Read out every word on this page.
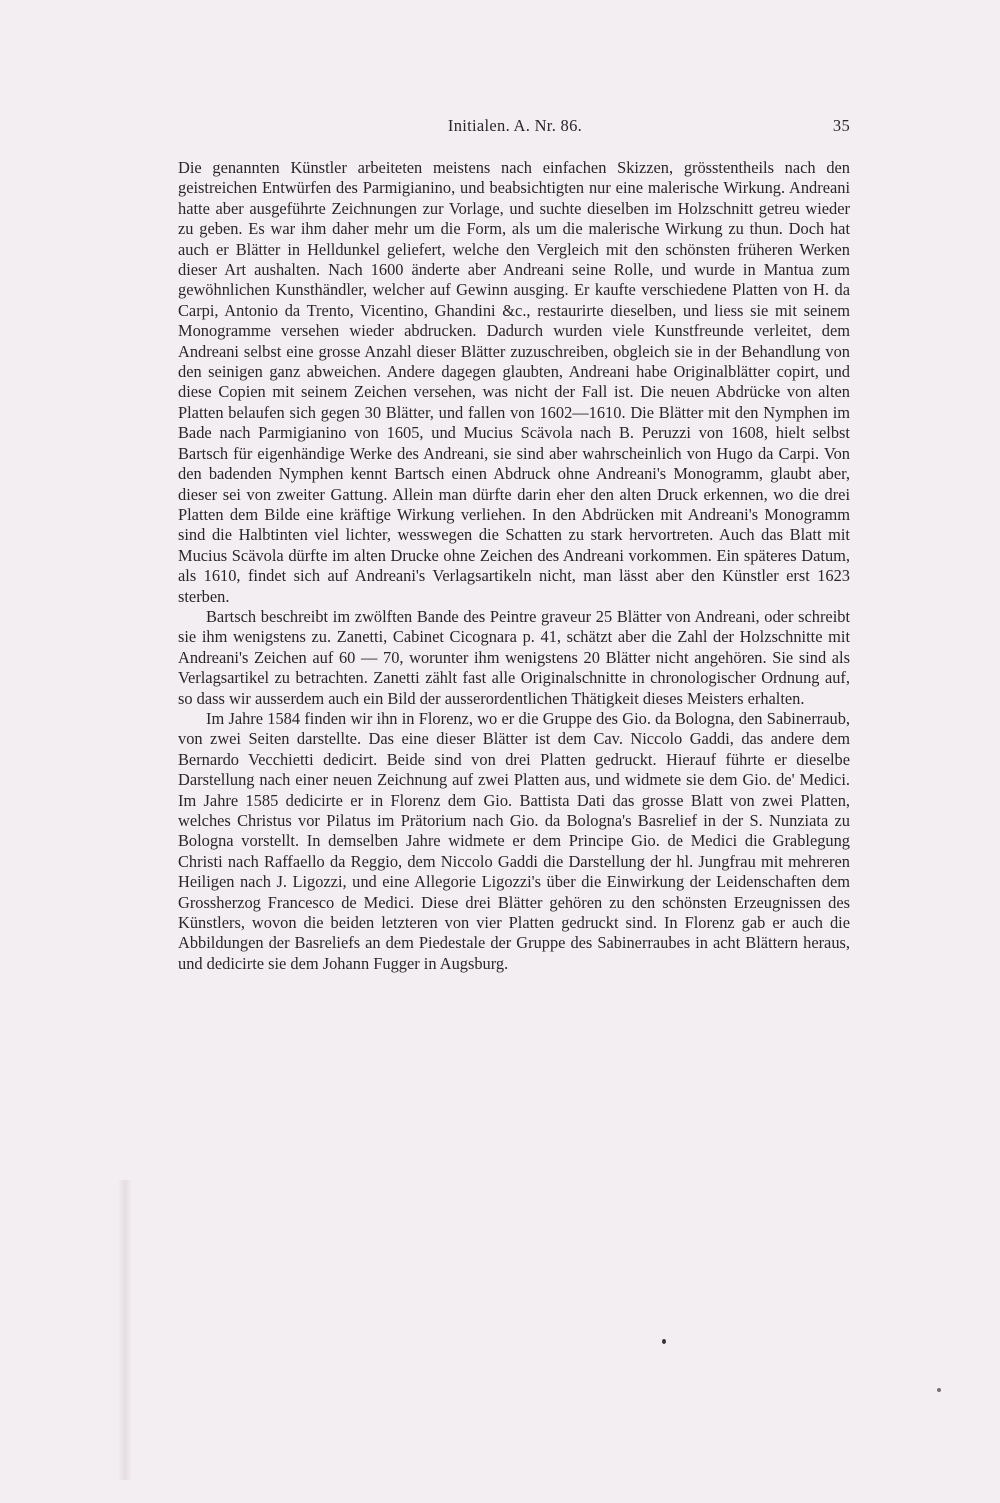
Initialen. A. Nr. 86.	35

Die genannten Künstler arbeiteten meistens nach einfachen Skizzen, grösstentheils nach den geistreichen Entwürfen des Parmigianino, und beabsichtigten nur eine malerische Wirkung. Andreani hatte aber ausgeführte Zeichnungen zur Vorlage, und suchte dieselben im Holzschnitt getreu wieder zu geben. Es war ihm daher mehr um die Form, als um die malerische Wirkung zu thun. Doch hat auch er Blätter in Helldunkel geliefert, welche den Vergleich mit den schönsten früheren Werken dieser Art aushalten. Nach 1600 änderte aber Andreani seine Rolle, und wurde in Mantua zum gewöhnlichen Kunsthändler, welcher auf Gewinn ausging. Er kaufte verschiedene Platten von H. da Carpi, Antonio da Trento, Vicentino, Ghandini &c., restaurirte dieselben, und liess sie mit seinem Monogramme versehen wieder abdrucken. Dadurch wurden viele Kunstfreunde verleitet, dem Andreani selbst eine grosse Anzahl dieser Blätter zuzuschreiben, obgleich sie in der Behandlung von den seinigen ganz abweichen. Andere dagegen glaubten, Andreani habe Originalblätter copirt, und diese Copien mit seinem Zeichen versehen, was nicht der Fall ist. Die neuen Abdrücke von alten Platten belaufen sich gegen 30 Blätter, und fallen von 1602—1610. Die Blätter mit den Nymphen im Bade nach Parmigianino von 1605, und Mucius Scävola nach B. Peruzzi von 1608, hielt selbst Bartsch für eigenhändige Werke des Andreani, sie sind aber wahrscheinlich von Hugo da Carpi. Von den badenden Nymphen kennt Bartsch einen Abdruck ohne Andreani's Monogramm, glaubt aber, dieser sei von zweiter Gattung. Allein man dürfte darin eher den alten Druck erkennen, wo die drei Platten dem Bilde eine kräftige Wirkung verliehen. In den Abdrücken mit Andreani's Monogramm sind die Halbtinten viel lichter, wesswegen die Schatten zu stark hervortreten. Auch das Blatt mit Mucius Scävola dürfte im alten Drucke ohne Zeichen des Andreani vorkommen. Ein späteres Datum, als 1610, findet sich auf Andreani's Verlagsartikeln nicht, man lässt aber den Künstler erst 1623 sterben.

Bartsch beschreibt im zwölften Bande des Peintre graveur 25 Blätter von Andreani, oder schreibt sie ihm wenigstens zu. Zanetti, Cabinet Cicognara p. 41, schätzt aber die Zahl der Holzschnitte mit Andreani's Zeichen auf 60 — 70, worunter ihm wenigstens 20 Blätter nicht angehören. Sie sind als Verlagsartikel zu betrachten. Zanetti zählt fast alle Originalschnitte in chronologischer Ordnung auf, so dass wir ausserdem auch ein Bild der ausserordentlichen Thätigkeit dieses Meisters erhalten.

Im Jahre 1584 finden wir ihn in Florenz, wo er die Gruppe des Gio. da Bologna, den Sabinerraub, von zwei Seiten darstellte. Das eine dieser Blätter ist dem Cav. Niccolo Gaddi, das andere dem Bernardo Vecchietti dedicirt. Beide sind von drei Platten gedruckt. Hierauf führte er dieselbe Darstellung nach einer neuen Zeichnung auf zwei Platten aus, und widmete sie dem Gio. de' Medici. Im Jahre 1585 dedicirte er in Florenz dem Gio. Battista Dati das grosse Blatt von zwei Platten, welches Christus vor Pilatus im Prätorium nach Gio. da Bologna's Basrelief in der S. Nunziata zu Bologna vorstellt. In demselben Jahre widmete er dem Principe Gio. de Medici die Grablegung Christi nach Raffaello da Reggio, dem Niccolo Gaddi die Darstellung der hl. Jungfrau mit mehreren Heiligen nach J. Ligozzi, und eine Allegorie Ligozzi's über die Einwirkung der Leidenschaften dem Grossherzog Francesco de Medici. Diese drei Blätter gehören zu den schönsten Erzeugnissen des Künstlers, wovon die beiden letzteren von vier Platten gedruckt sind. In Florenz gab er auch die Abbildungen der Basreliefs an dem Piedestale der Gruppe des Sabinerraubes in acht Blättern heraus, und dedicirte sie dem Johann Fugger in Augsburg.
